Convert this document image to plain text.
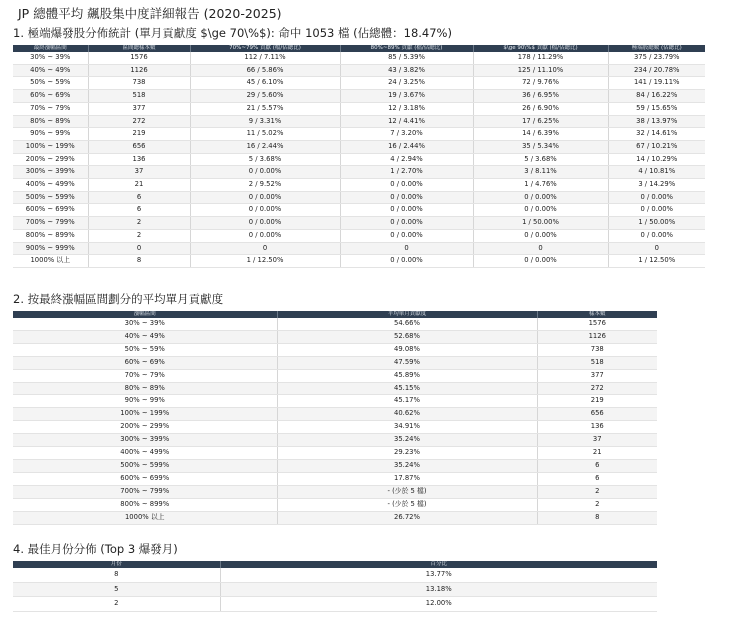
JP 總體平均 飆股集中度詳細報告 (2020-2025)
1. 極端爆發股分佈統計 (單月貢獻度 $\ge 70\%$): 命中 1053 檔 (佔總體：18.47%)
最終漲幅區間	區間總樣本數	70%~79% 貢獻 (檔/佔總比)	80%~89% 貢獻 (檔/佔總比)	$\ge 90\%$ 貢獻 (檔/佔總比)	極端股總數 (佔總比)
30% ~ 39%	1576	112 / 7.11%	85 / 5.39%	178 / 11.29%	375 / 23.79%
40% ~ 49%	1126	66 / 5.86%	43 / 3.82%	125 / 11.10%	234 / 20.78%
50% ~ 59%	738	45 / 6.10%	24 / 3.25%	72 / 9.76%	141 / 19.11%
60% ~ 69%	518	29 / 5.60%	19 / 3.67%	36 / 6.95%	84 / 16.22%
70% ~ 79%	377	21 / 5.57%	12 / 3.18%	26 / 6.90%	59 / 15.65%
80% ~ 89%	272	9 / 3.31%	12 / 4.41%	17 / 6.25%	38 / 13.97%
90% ~ 99%	219	11 / 5.02%	7 / 3.20%	14 / 6.39%	32 / 14.61%
100% ~ 199%	656	16 / 2.44%	16 / 2.44%	35 / 5.34%	67 / 10.21%
200% ~ 299%	136	5 / 3.68%	4 / 2.94%	5 / 3.68%	14 / 10.29%
300% ~ 399%	37	0 / 0.00%	1 / 2.70%	3 / 8.11%	4 / 10.81%
400% ~ 499%	21	2 / 9.52%	0 / 0.00%	1 / 4.76%	3 / 14.29%
500% ~ 599%	6	0 / 0.00%	0 / 0.00%	0 / 0.00%	0 / 0.00%
600% ~ 699%	6	0 / 0.00%	0 / 0.00%	0 / 0.00%	0 / 0.00%
700% ~ 799%	2	0 / 0.00%	0 / 0.00%	1 / 50.00%	1 / 50.00%
800% ~ 899%	2	0 / 0.00%	0 / 0.00%	0 / 0.00%	0 / 0.00%
900% ~ 999%	0	0	0	0	0
1000% 以上	8	1 / 12.50%	0 / 0.00%	0 / 0.00%	1 / 12.50%
2. 按最終漲幅區間劃分的平均單月貢獻度
漲幅區間	平均單月貢獻度	樣本數
30% ~ 39%	54.66%	1576
40% ~ 49%	52.68%	1126
50% ~ 59%	49.08%	738
60% ~ 69%	47.59%	518
70% ~ 79%	45.89%	377
80% ~ 89%	45.15%	272
90% ~ 99%	45.17%	219
100% ~ 199%	40.62%	656
200% ~ 299%	34.91%	136
300% ~ 399%	35.24%	37
400% ~ 499%	29.23%	21
500% ~ 599%	35.24%	6
600% ~ 699%	17.87%	6
700% ~ 799%	- (少於 5 檔)	2
800% ~ 899%	- (少於 5 檔)	2
1000% 以上	26.72%	8
4. 最佳月份分佈 (Top 3 爆發月)
月份	百分比
8	13.77%
5	13.18%
2	12.00%
